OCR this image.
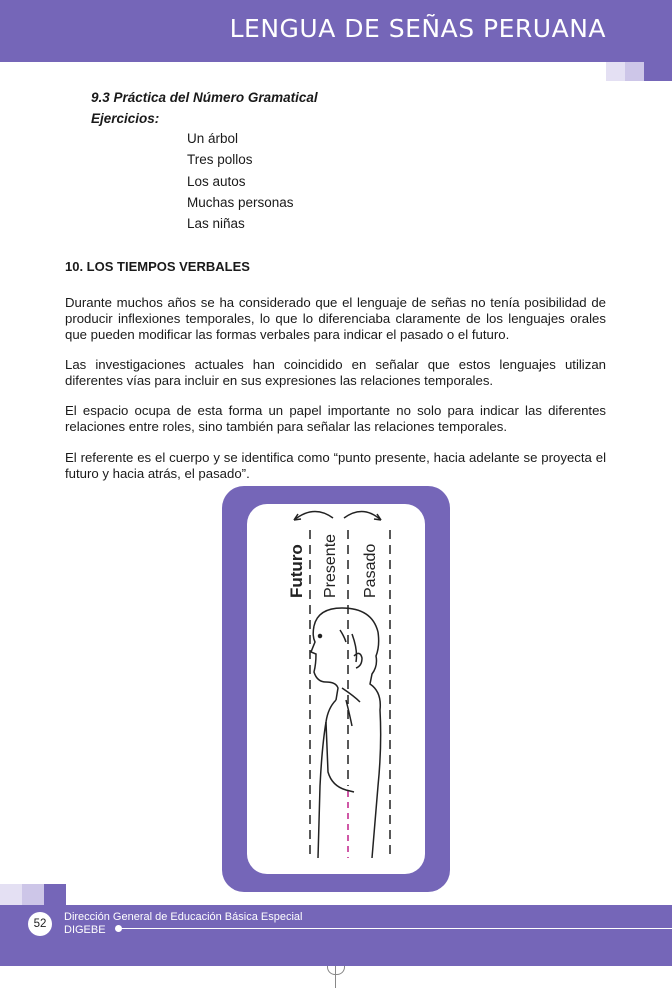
LENGUA DE SEÑAS PERUANA
9.3 Práctica del Número Gramatical
Ejercicios:
Un árbol
Tres pollos
Los autos
Muchas personas
Las niñas
10. LOS TIEMPOS VERBALES
Durante muchos años se ha considerado que el lenguaje de señas no tenía posibilidad de producir inflexiones temporales, lo que lo diferenciaba claramente de los lenguajes orales que pueden modificar las formas verbales para indicar el pasado o el futuro.
Las investigaciones actuales han coincidido en señalar que estos lenguajes utilizan diferentes vías para incluir en sus expresiones las relaciones temporales.
El espacio ocupa de esta forma un papel importante no solo para indicar las diferentes relaciones entre roles, sino también para señalar las relaciones temporales.
El referente es el cuerpo y se identifica como “punto presente, hacia adelante se proyecta el futuro y hacia atrás, el pasado”.
Futuro Presente Pasado
52
Dirección General de Educación Básica Especial
DIGEBE
